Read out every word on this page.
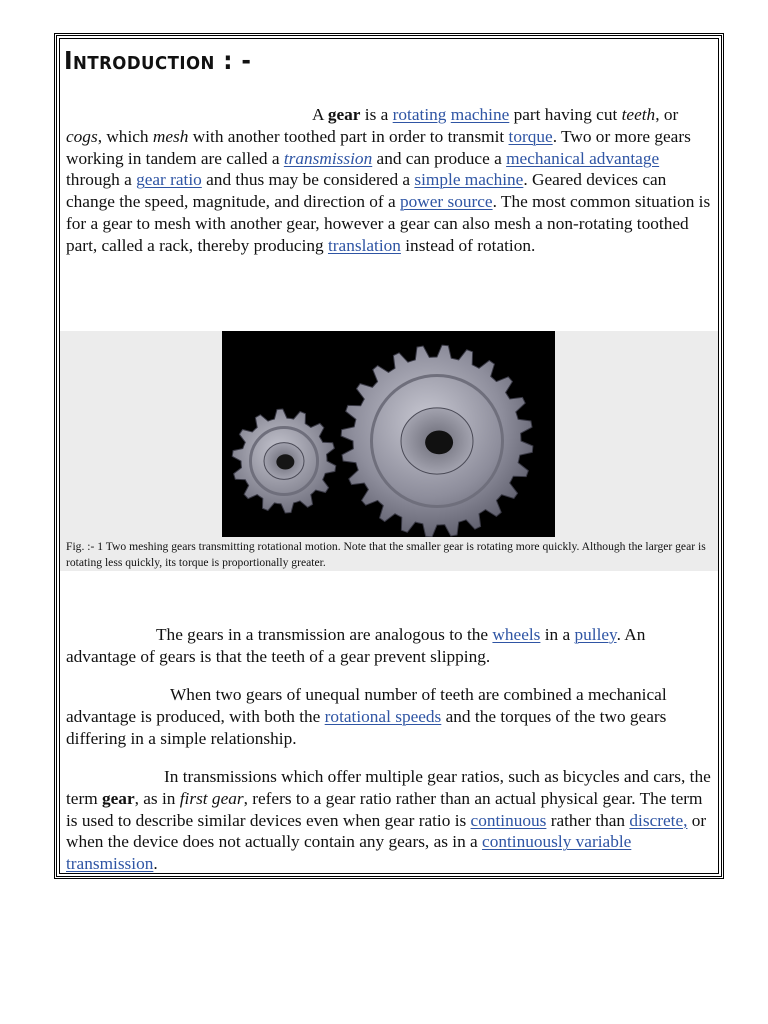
Introduction : -
A gear is a rotating machine part having cut teeth, or cogs, which mesh with another toothed part in order to transmit torque. Two or more gears working in tandem are called a transmission and can produce a mechanical advantage through a gear ratio and thus may be considered a simple machine. Geared devices can change the speed, magnitude, and direction of a power source. The most common situation is for a gear to mesh with another gear, however a gear can also mesh a non-rotating toothed part, called a rack, thereby producing translation instead of rotation.
Fig. :- 1 Two meshing gears transmitting rotational motion. Note that the smaller gear is rotating more quickly. Although the larger gear is rotating less quickly, its torque is proportionally greater.
The gears in a transmission are analogous to the wheels in a pulley. An advantage of gears is that the teeth of a gear prevent slipping.
When two gears of unequal number of teeth are combined a mechanical advantage is produced, with both the rotational speeds and the torques of the two gears differing in a simple relationship.
In transmissions which offer multiple gear ratios, such as bicycles and cars, the term gear, as in first gear, refers to a gear ratio rather than an actual physical gear. The term is used to describe similar devices even when gear ratio is continuous rather than discrete, or when the device does not actually contain any gears, as in a continuously variable transmission.
